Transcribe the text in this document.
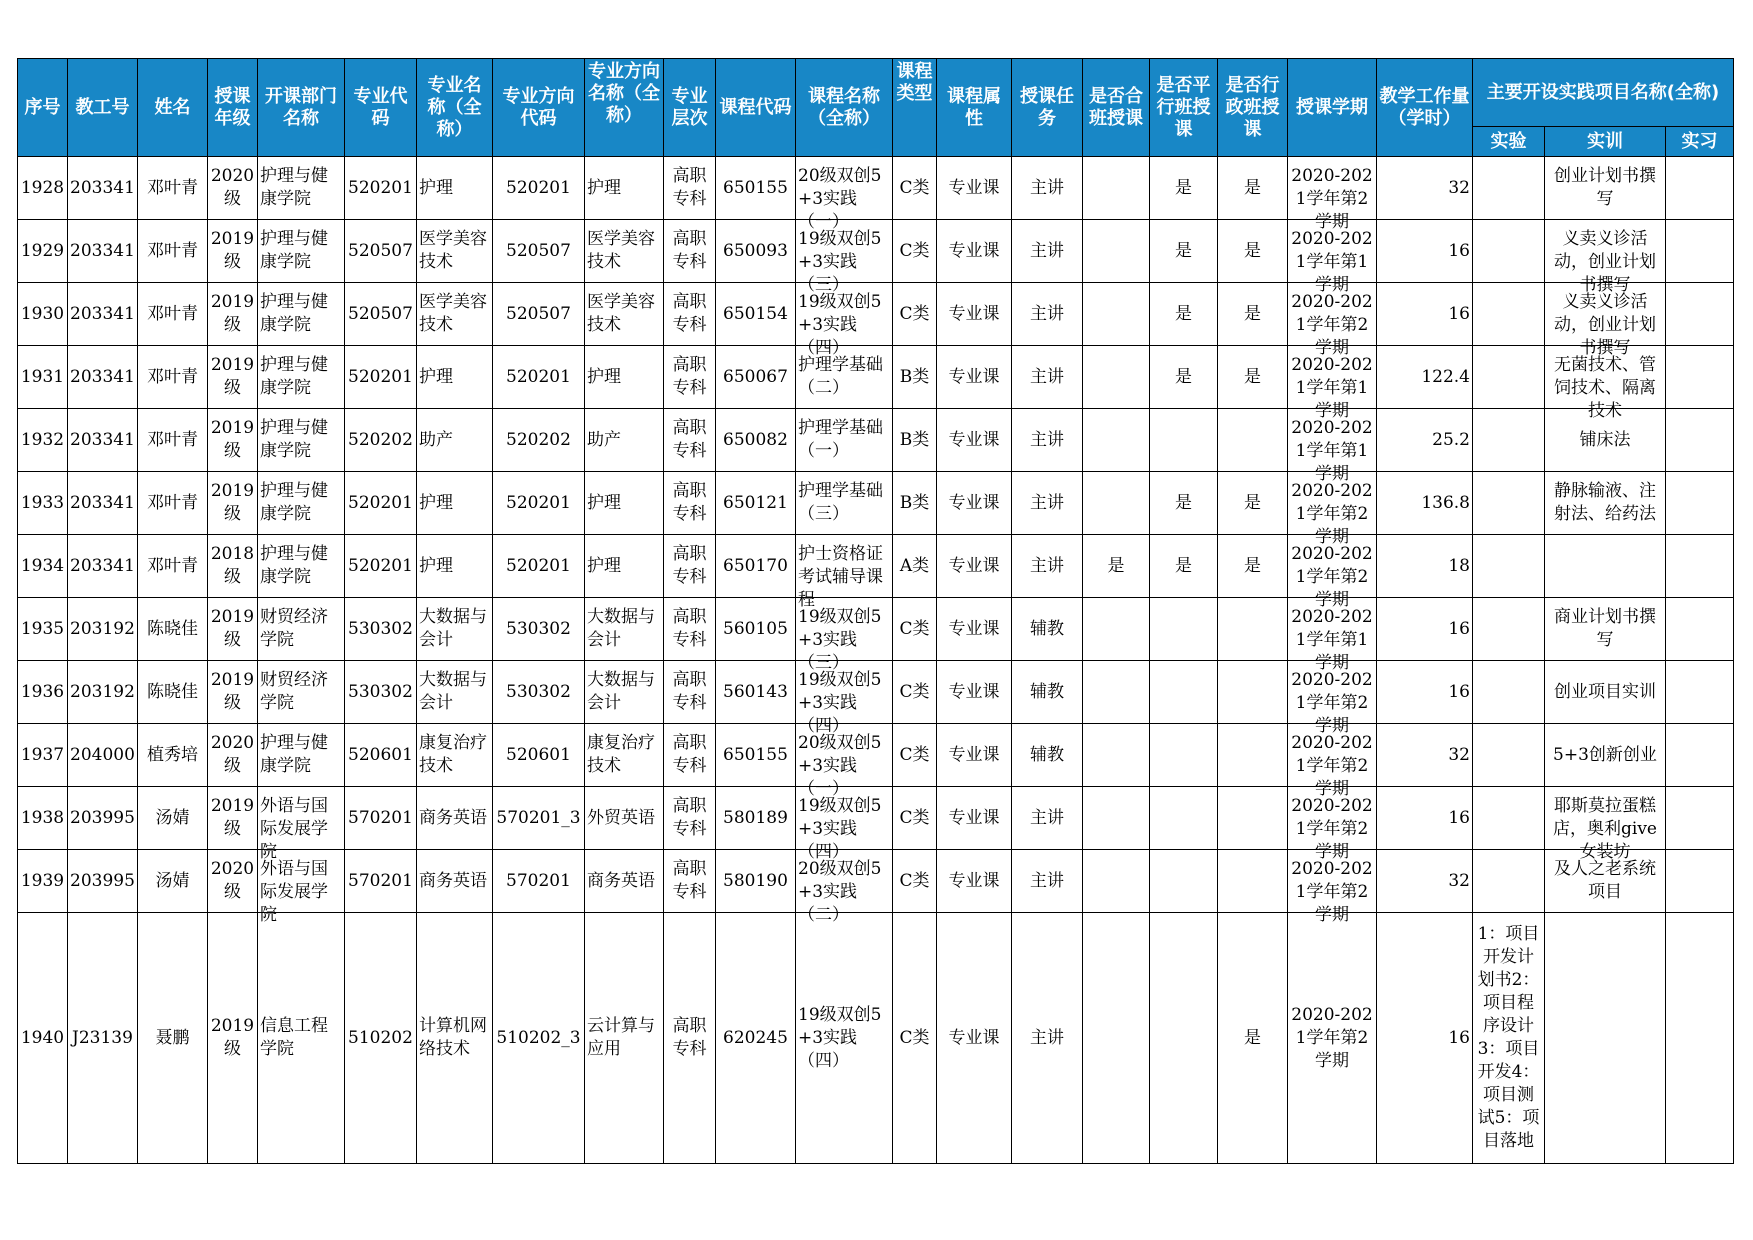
序号	教工号	姓名	授课年级	开课部门名称	专业代码	专业名称（全称）	专业方向代码	专业方向名称（全称）	专业层次	课程代码	课程名称（全称）	课程类型	课程属性	授课任务	是否合班授课	是否平行班授课	是否行政班授课	授课学期	教学工作量（学时）	主要开设实践项目名称(全称)		
																				实验	实训	实习

1928	203341	邓叶青	2020级	护理与健康学院	520201	护理	520201	护理	高职专科	650155	20级双创5+3实践（一）	C类	专业课	主讲		是	是	2020-2021学年第2学期	32		创业计划书撰写	

1929	203341	邓叶青	2019级	护理与健康学院	520507	医学美容技术	520507	医学美容技术	高职专科	650093	19级双创5+3实践（三）	C类	专业课	主讲		是	是	2020-2021学年第1学期	16		义卖义诊活动，创业计划书撰写	

1930	203341	邓叶青	2019级	护理与健康学院	520507	医学美容技术	520507	医学美容技术	高职专科	650154	19级双创5+3实践（四）	C类	专业课	主讲		是	是	2020-2021学年第2学期	16		义卖义诊活动，创业计划书撰写	

1931	203341	邓叶青	2019级	护理与健康学院	520201	护理	520201	护理	高职专科	650067	护理学基础（二）	B类	专业课	主讲		是	是	2020-2021学年第1学期	122.4		无菌技术、管饲技术、隔离技术	

1932	203341	邓叶青	2019级	护理与健康学院	520202	助产	520202	助产	高职专科	650082	护理学基础（一）	B类	专业课	主讲				2020-2021学年第1学期	25.2		铺床法	

1933	203341	邓叶青	2019级	护理与健康学院	520201	护理	520201	护理	高职专科	650121	护理学基础（三）	B类	专业课	主讲		是	是	2020-2021学年第2学期	136.8		静脉输液、注射法、给药法	

1934	203341	邓叶青	2018级	护理与健康学院	520201	护理	520201	护理	高职专科	650170	护士资格证考试辅导课程	A类	专业课	主讲	是	是	是	2020-2021学年第2学期	18			

1935	203192	陈晓佳	2019级	财贸经济学院	530302	大数据与会计	530302	大数据与会计	高职专科	560105	19级双创5+3实践（三）	C类	专业课	辅教				2020-2021学年第1学期	16		商业计划书撰写	

1936	203192	陈晓佳	2019级	财贸经济学院	530302	大数据与会计	530302	大数据与会计	高职专科	560143	19级双创5+3实践（四）	C类	专业课	辅教				2020-2021学年第2学期	16		创业项目实训	

1937	204000	植秀培	2020级	护理与健康学院	520601	康复治疗技术	520601	康复治疗技术	高职专科	650155	20级双创5+3实践（一）	C类	专业课	辅教				2020-2021学年第2学期	32		5+3创新创业	

1938	203995	汤婧	2019级	外语与国际发展学院	570201	商务英语	570201_3	外贸英语	高职专科	580189	19级双创5+3实践（四）	C类	专业课	主讲				2020-2021学年第2学期	16		耶斯莫拉蛋糕店，奥利give女装坊	

1939	203995	汤婧	2020级	外语与国际发展学院	570201	商务英语	570201	商务英语	高职专科	580190	20级双创5+3实践（二）	C类	专业课	主讲				2020-2021学年第2学期	32		及人之老系统项目	

1940	J23139	聂鹏	2019级	信息工程学院	510202	计算机网络技术	510202_3	云计算与应用	高职专科	620245	19级双创5+3实践（四）	C类	专业课	主讲			是	2020-2021学年第2学期	16	1：项目开发计划书2：项目程序设计3：项目开发4：项目测试5：项目落地		
